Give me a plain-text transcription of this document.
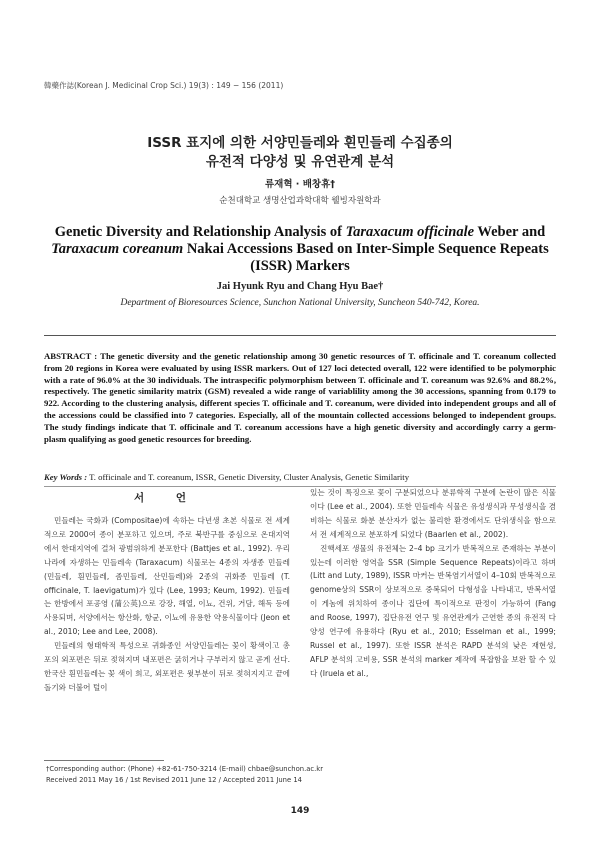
韓藥作誌(Korean J. Medicinal Crop Sci.) 19(3) : 149 − 156 (2011)
ISSR 표지에 의한 서양민들레와 흰민들레 수집종의
유전적 다양성 및 유연관계 분석
류재혁 · 배창휴†
순천대학교 생명산업과학대학 웰빙자원학과
Genetic Diversity and Relationship Analysis of Taraxacum officinale Weber and Taraxacum coreanum Nakai Accessions Based on Inter-Simple Sequence Repeats (ISSR) Markers
Jai Hyunk Ryu and Chang Hyu Bae†
Department of Bioresources Science, Sunchon National University, Suncheon 540-742, Korea.
ABSTRACT : The genetic diversity and the genetic relationship among 30 genetic resources of T. officinale and T. coreanum collected from 20 regions in Korea were evaluated by using ISSR markers. Out of 127 loci detected overall, 122 were identified to be polymorphic with a rate of 96.0% at the 30 individuals. The intraspecific polymorphism between T. officinale and T. coreanum was 92.6% and 88.2%, respectively. The genetic similarity matrix (GSM) revealed a wide range of variablility among the 30 accessions, spanning from 0.179 to 922. According to the clustering analysis, different species T. officinale and T. coreanum, were divided into independent groups and all of the accessions could be classified into 7 categories. Especially, all of the mountain collected accessions belonged to independent groups. The study findings indicate that T. officinale and T. coreanum accessions have a high genetic diversity and accordingly carry a germ-plasm qualifying as good genetic resources for breeding.
Key Words : T. officinale and T. coreanum, ISSR, Genetic Diversity, Cluster Analysis, Genetic Similarity
서 언

민들레는 국화과 (Compositae)에 속하는 다년생 초본 식물로 전 세계적으로 2000여 종이 분포하고 있으며, 주로 북반구를 중심으로 온대지역에서 한대지역에 걸쳐 광범위하게 분포한다 (Battjes et al., 1992). 우리나라에 자생하는 민들레속 (Taraxacum) 식물로는 4종의 자생종 민들레 (민들레, 흰민들레, 좀민들레, 산민들레)와 2종의 귀화종 민들레 (T. officinale, T. laevigatum)가 있다 (Lee, 1993; Keum, 1992). 민들레는 한방에서 포공영 (蒲公英)으로 강장, 해열, 이뇨, 건위, 거담, 해독 등에 사용되며, 서양에서는 항산화, 항균, 이뇨에 유용한 약용식물이다 (Jeon et al., 2010; Lee and Lee, 2008).

민들레의 형태학적 특성으로 귀화종인 서양민들레는 꽃이 황색이고 총포의 외포편은 뒤로 젖혀지며 내포편은 굵히거나 구부러지 않고 곧게 선다. 한국산 흰민들레는 꽃 색이 희고, 외포편은 윗부분이 뒤로 젖혀지지고 끝에 돌기와 더불어 털이

있는 것이 특징으로 꽃이 구분되었으나 분류학적 구분에 논란이 많은 식물이다 (Lee et al., 2004). 또한 민들레속 식물은 유성생식과 무성생식을 겸비하는 식물로 화분 분산자가 없는 불리한 환경에서도 단위생식을 함으로서 전 세계적으로 분포하게 되었다 (Baarlen et al., 2002).

진핵세포 생물의 유전체는 2–4 bp 크기가 반복적으로 존재하는 부분이 있는데 이러한 영역을 SSR (Simple Sequence Repeats)이라고 하며 (Litt and Luty, 1989), ISSR 마커는 반복염기서열이 4–10회 반복적으로 genome상의 SSR이 상보적으로 중복되어 다형성을 나타내고, 반복서열이 게놈에 위치하여 종이나 집단에 특이적으로 판정이 가능하여 (Fang and Roose, 1997), 집단유전 연구 및 유연관계가 근연한 종의 유전적 다양성 연구에 유용하다 (Ryu et al., 2010; Esselman et al., 1999; Russel et al., 1997). 또한 ISSR 분석은 RAPD 분석의 낮은 재현성, AFLP 분석의 고비용, SSR 분석의 marker 제작에 복잡함을 보완 할 수 있다 (Iruela et al.,

†Corresponding author: (Phone) +82-61-750-3214 (E-mail) chbae@sunchon.ac.kr
Received 2011 May 16 / 1st Revised 2011 June 12 / Accepted 2011 June 14
149
